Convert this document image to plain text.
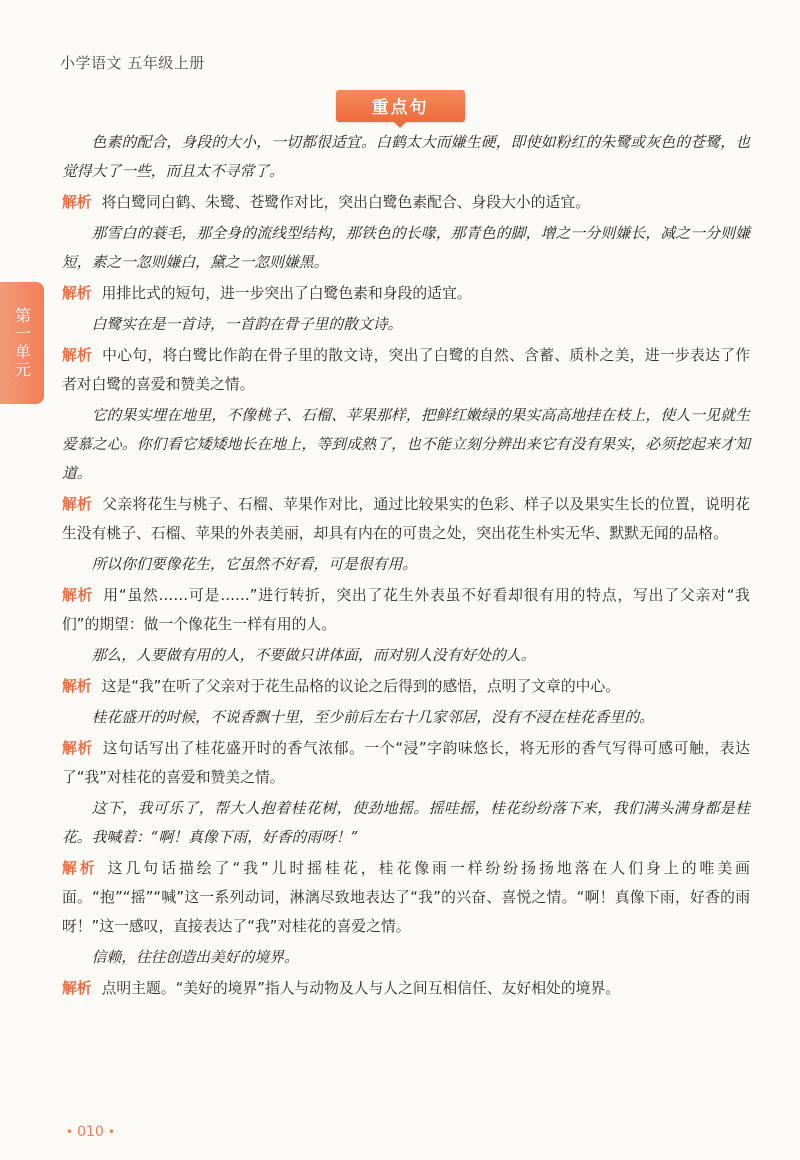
小学语文 五年级上册
重点句
第一单元

色素的配合，身段的大小，一切都很适宜。白鹤太大而嫌生硬，即使如粉红的朱鹭或灰色的苍鹭，也觉得大了一些，而且太不寻常了。

解析 将白鹭同白鹤、朱鹭、苍鹭作对比，突出白鹭色素配合、身段大小的适宜。

那雪白的蓑毛，那全身的流线型结构，那铁色的长喙，那青色的脚，增之一分则嫌长，减之一分则嫌短，素之一忽则嫌白，黛之一忽则嫌黑。

解析 用排比式的短句，进一步突出了白鹭色素和身段的适宜。

白鹭实在是一首诗，一首韵在骨子里的散文诗。

解析 中心句，将白鹭比作韵在骨子里的散文诗，突出了白鹭的自然、含蓄、质朴之美，进一步表达了作者对白鹭的喜爱和赞美之情。

它的果实埋在地里，不像桃子、石榴、苹果那样，把鲜红嫩绿的果实高高地挂在枝上，使人一见就生爱慕之心。你们看它矮矮地长在地上，等到成熟了，也不能立刻分辨出来它有没有果实，必须挖起来才知道。

解析 父亲将花生与桃子、石榴、苹果作对比，通过比较果实的色彩、样子以及果实生长的位置，说明花生没有桃子、石榴、苹果的外表美丽，却具有内在的可贵之处，突出花生朴实无华、默默无闻的品格。

所以你们要像花生，它虽然不好看，可是很有用。

解析 用“虽然……可是……”进行转折，突出了花生外表虽不好看却很有用的特点，写出了父亲对“我们”的期望：做一个像花生一样有用的人。

那么，人要做有用的人，不要做只讲体面，而对别人没有好处的人。

解析 这是“我”在听了父亲对于花生品格的议论之后得到的感悟，点明了文章的中心。

桂花盛开的时候，不说香飘十里，至少前后左右十几家邻居，没有不浸在桂花香里的。

解析 这句话写出了桂花盛开时的香气浓郁。一个“浸”字韵味悠长，将无形的香气写得可感可触，表达了“我”对桂花的喜爱和赞美之情。

这下，我可乐了，帮大人抱着桂花树，使劲地摇。摇哇摇，桂花纷纷落下来，我们满头满身都是桂花。我喊着：“啊！真像下雨，好香的雨呀！”

解析 这几句话描绘了“我”儿时摇桂花，桂花像雨一样纷纷扬扬地落在人们身上的唯美画面。“抱”“摇”“喊”这一系列动词，淋漓尽致地表达了“我”的兴奋、喜悦之情。“啊！真像下雨，好香的雨呀！”这一感叹，直接表达了“我”对桂花的喜爱之情。

信赖，往往创造出美好的境界。

解析 点明主题。“美好的境界”指人与动物及人与人之间互相信任、友好相处的境界。

• 010 •
